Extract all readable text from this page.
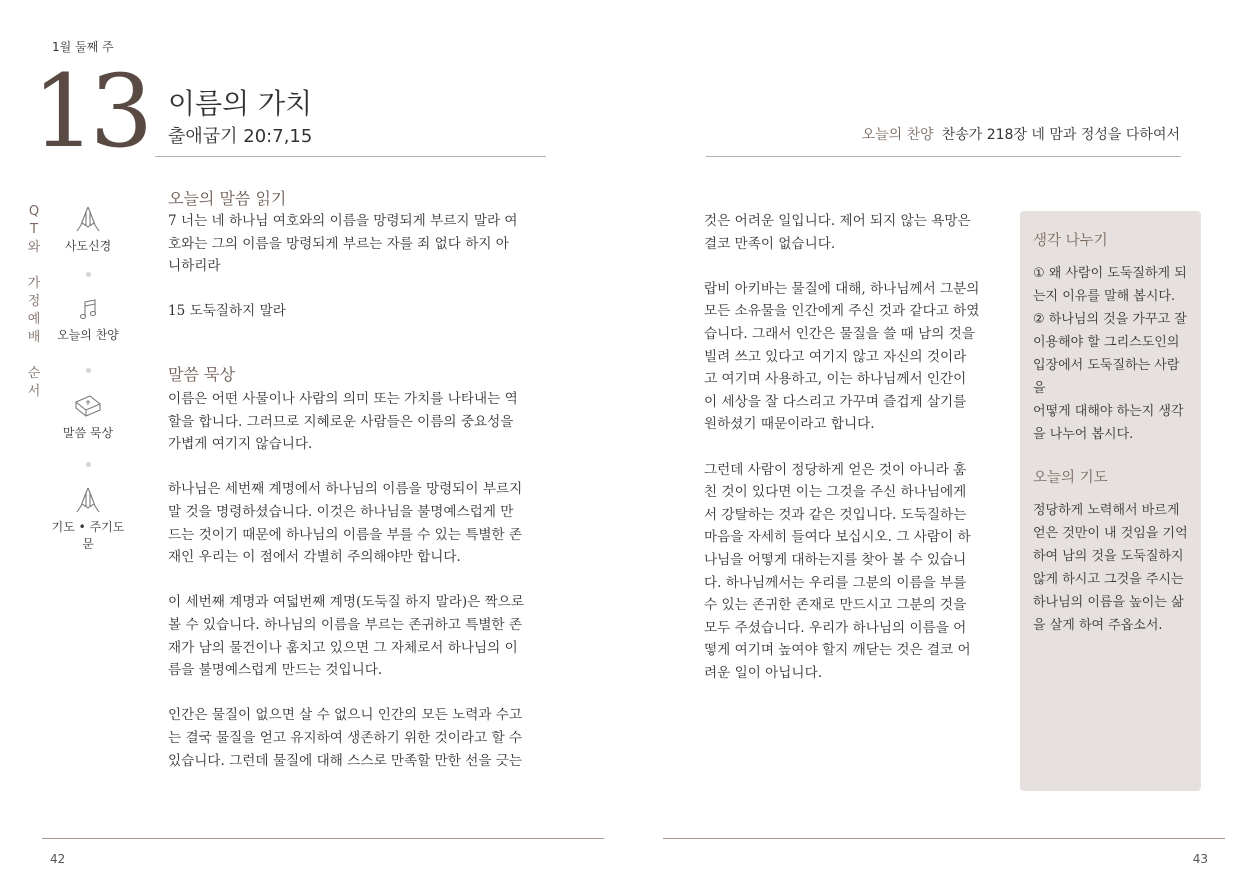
1월 둘째 주
13 이름의 가치
출애굽기 20:7,15	오늘의 찬양 찬송가 218장 네 맘과 정성을 다하여서
Q
T
와

가
정
예
배

순
서
사도신경
오늘의 찬양
말씀 묵상
기도 • 주기도문
오늘의 말씀 읽기

7 너는 네 하나님 여호와의 이름을 망령되게 부르지 말라 여

호와는 그의 이름을 망령되게 부르는 자를 죄 없다 하지 아

니하리라

15 도둑질하지 말라

말씀 묵상

이름은 어떤 사물이나 사람의 의미 또는 가치를 나타내는 역

할을 합니다. 그러므로 지혜로운 사람들은 이름의 중요성을

가볍게 여기지 않습니다.

하나님은 세번째 계명에서 하나님의 이름을 망령되이 부르지

말 것을 명령하셨습니다. 이것은 하나님을 불명예스럽게 만

드는 것이기 때문에 하나님의 이름을 부를 수 있는 특별한 존

재인 우리는 이 점에서 각별히 주의해야만 합니다.

이 세번째 계명과 여덟번째 계명(도둑질 하지 말라)은 짝으로

볼 수 있습니다. 하나님의 이름을 부르는 존귀하고 특별한 존

재가 남의 물건이나 훔치고 있으면 그 자체로서 하나님의 이

름을 불명예스럽게 만드는 것입니다.

인간은 물질이 없으면 살 수 없으니 인간의 모든 노력과 수고

는 결국 물질을 얻고 유지하여 생존하기 위한 것이라고 할 수

있습니다. 그런데 물질에 대해 스스로 만족할 만한 선을 긋는

것은 어려운 일입니다. 제어 되지 않는 욕망은

결코 만족이 없습니다.

랍비 아키바는 물질에 대해, 하나님께서 그분의

모든 소유물을 인간에게 주신 것과 같다고 하였

습니다. 그래서 인간은 물질을 쓸 때 남의 것을

빌려 쓰고 있다고 여기지 않고 자신의 것이라

고 여기며 사용하고, 이는 하나님께서 인간이

이 세상을 잘 다스리고 가꾸며 즐겁게 살기를

원하셨기 때문이라고 합니다.

그런데 사람이 정당하게 얻은 것이 아니라 훔

친 것이 있다면 이는 그것을 주신 하나님에게

서 강탈하는 것과 같은 것입니다. 도둑질하는

마음을 자세히 들여다 보십시오. 그 사람이 하

나님을 어떻게 대하는지를 찾아 볼 수 있습니

다. 하나님께서는 우리를 그분의 이름을 부를

수 있는 존귀한 존재로 만드시고 그분의 것을

모두 주셨습니다. 우리가 하나님의 이름을 어

떻게 여기며 높여야 할지 깨닫는 것은 결코 어

려운 일이 아닙니다.

생각 나누기

① 왜 사람이 도둑질하게 되

는지 이유를 말해 봅시다.

② 하나님의 것을 가꾸고 잘

이용해야 할 그리스도인의

입장에서 도둑질하는 사람을

어떻게 대해야 하는지 생각

을 나누어 봅시다.

오늘의 기도

정당하게 노력해서 바르게

얻은 것만이 내 것임을 기억

하여 남의 것을 도둑질하지

않게 하시고 그것을 주시는

하나님의 이름을 높이는 삶

을 살게 하여 주옵소서.

42	43
